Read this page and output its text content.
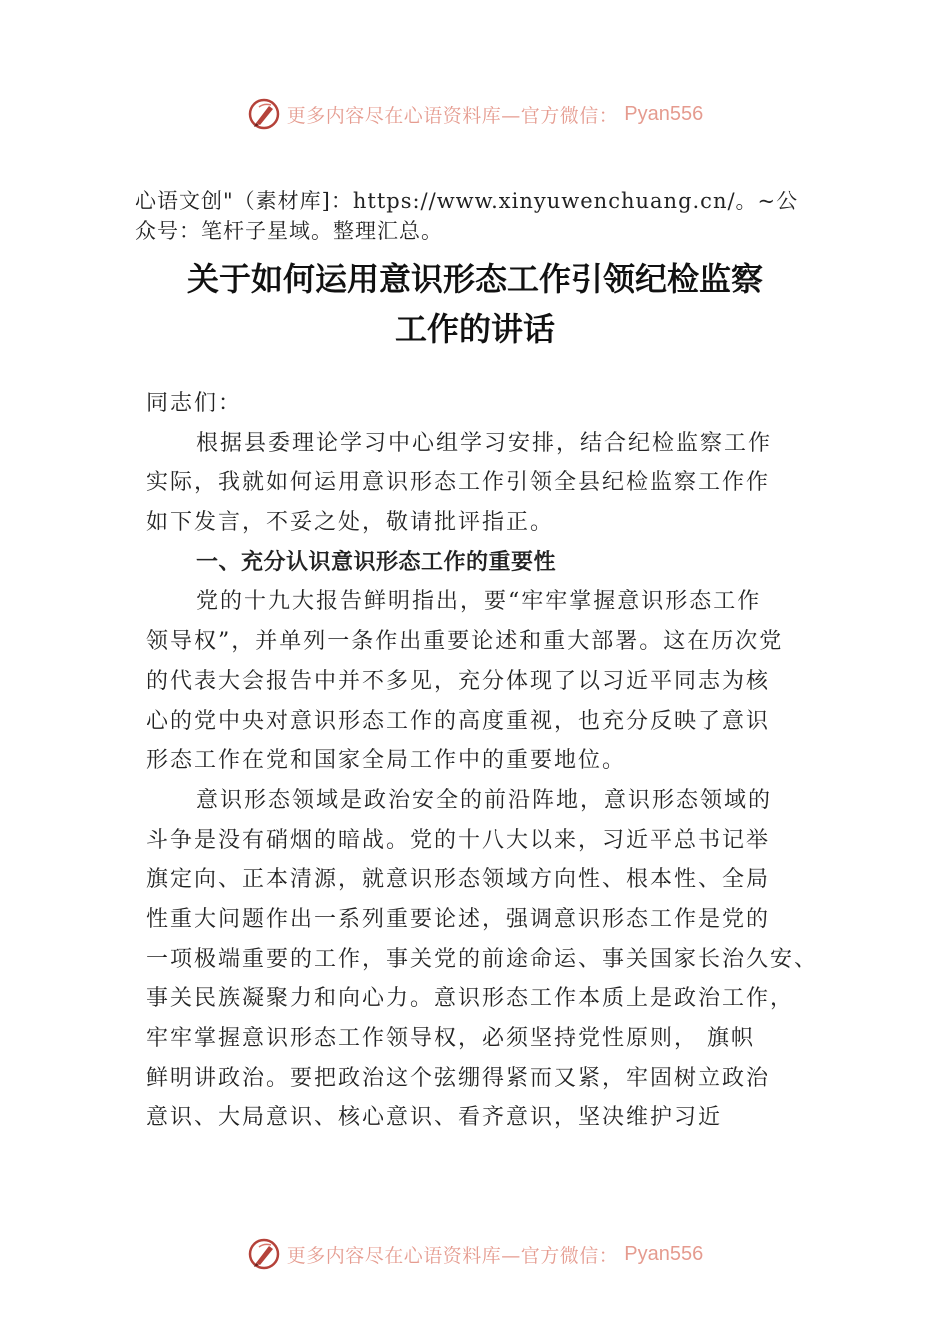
更多内容尽在心语资料库—官方微信： Pyan556
心语文创"（素材库]：https://www.xinyuwenchuang.cn/。~公
众号：笔杆子星域。整理汇总。
关于如何运用意识形态工作引领纪检监察
工作的讲话
同志们：
根据县委理论学习中心组学习安排，结合纪检监察工作
实际，我就如何运用意识形态工作引领全县纪检监察工作作
如下发言，不妥之处，敬请批评指正。
一、充分认识意识形态工作的重要性
党的十九大报告鲜明指出，要“牢牢掌握意识形态工作
领导权”，并单列一条作出重要论述和重大部署。这在历次党
的代表大会报告中并不多见，充分体现了以习近平同志为核
心的党中央对意识形态工作的高度重视，也充分反映了意识
形态工作在党和国家全局工作中的重要地位。
意识形态领域是政治安全的前沿阵地，意识形态领域的
斗争是没有硝烟的暗战。党的十八大以来，习近平总书记举
旗定向、正本清源，就意识形态领域方向性、根本性、全局
性重大问题作出一系列重要论述，强调意识形态工作是党的
一项极端重要的工作，事关党的前途命运、事关国家长治久安、
事关民族凝聚力和向心力。意识形态工作本质上是政治工作，
牢牢掌握意识形态工作领导权，必须坚持党性原则， 旗帜
鲜明讲政治。要把政治这个弦绷得紧而又紧，牢固树立政治
意识、大局意识、核心意识、看齐意识，坚决维护习近
更多内容尽在心语资料库—官方微信： Pyan556
